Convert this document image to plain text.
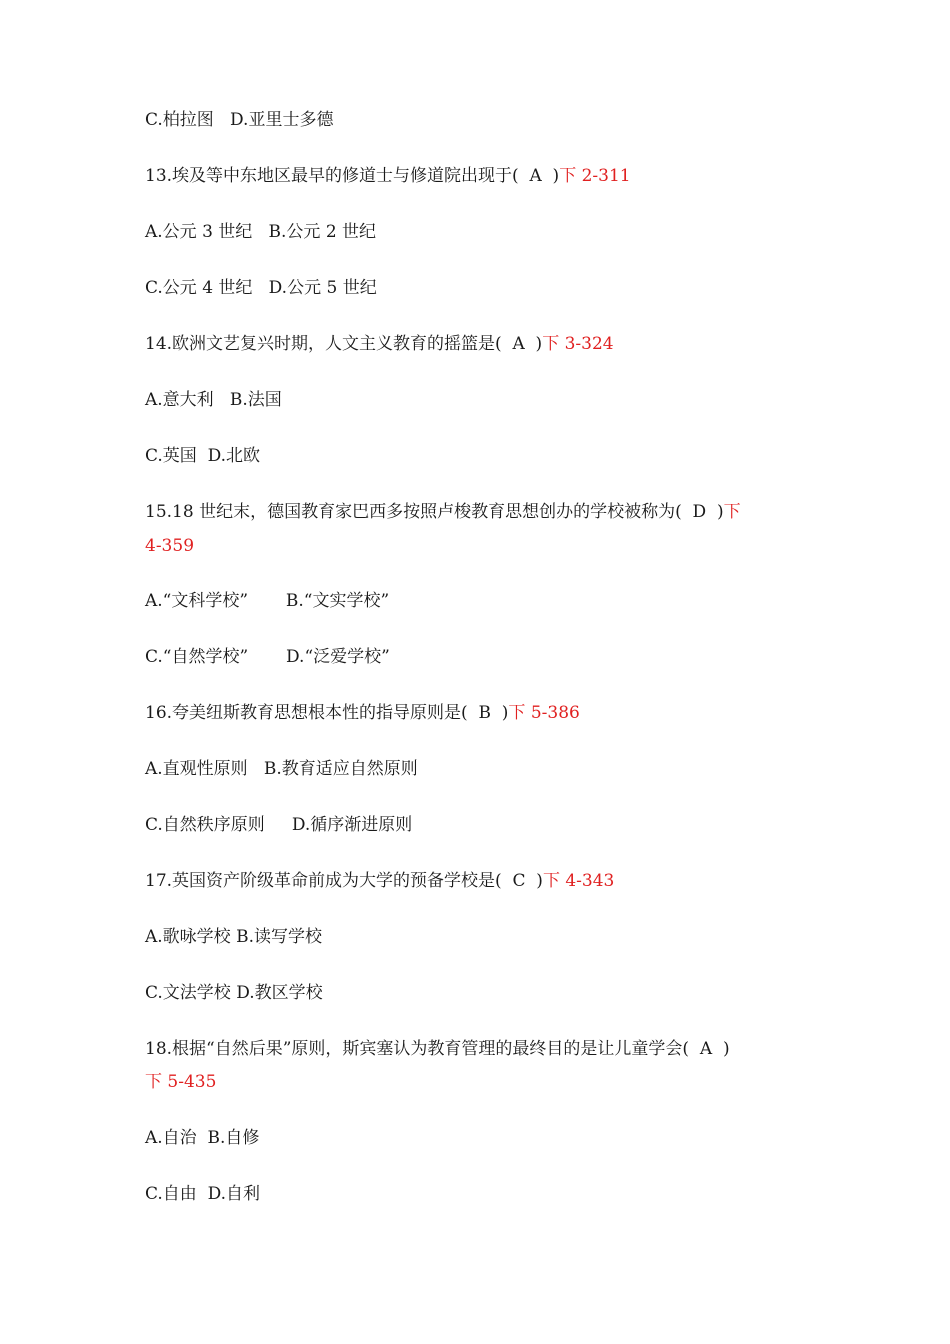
C.柏拉图   D.亚里士多德
13.埃及等中东地区最早的修道士与修道院出现于(  A  )下 2-311
A.公元 3 世纪   B.公元 2 世纪
C.公元 4 世纪   D.公元 5 世纪
14.欧洲文艺复兴时期，人文主义教育的摇篮是(  A  )下 3-324
A.意大利   B.法国
C.英国  D.北欧
15.18 世纪末，德国教育家巴西多按照卢梭教育思想创办的学校被称为(  D  )下
4-359
A.“文科学校”       B.“文实学校”
C.“自然学校”       D.“泛爱学校”
16.夸美纽斯教育思想根本性的指导原则是(  B  )下 5-386
A.直观性原则   B.教育适应自然原则
C.自然秩序原则     D.循序渐进原则
17.英国资产阶级革命前成为大学的预备学校是(  C  )下 4-343
A.歌咏学校 B.读写学校
C.文法学校 D.教区学校
18.根据“自然后果”原则，斯宾塞认为教育管理的最终目的是让儿童学会(  A  )
下 5-435
A.自治  B.自修
C.自由  D.自利
